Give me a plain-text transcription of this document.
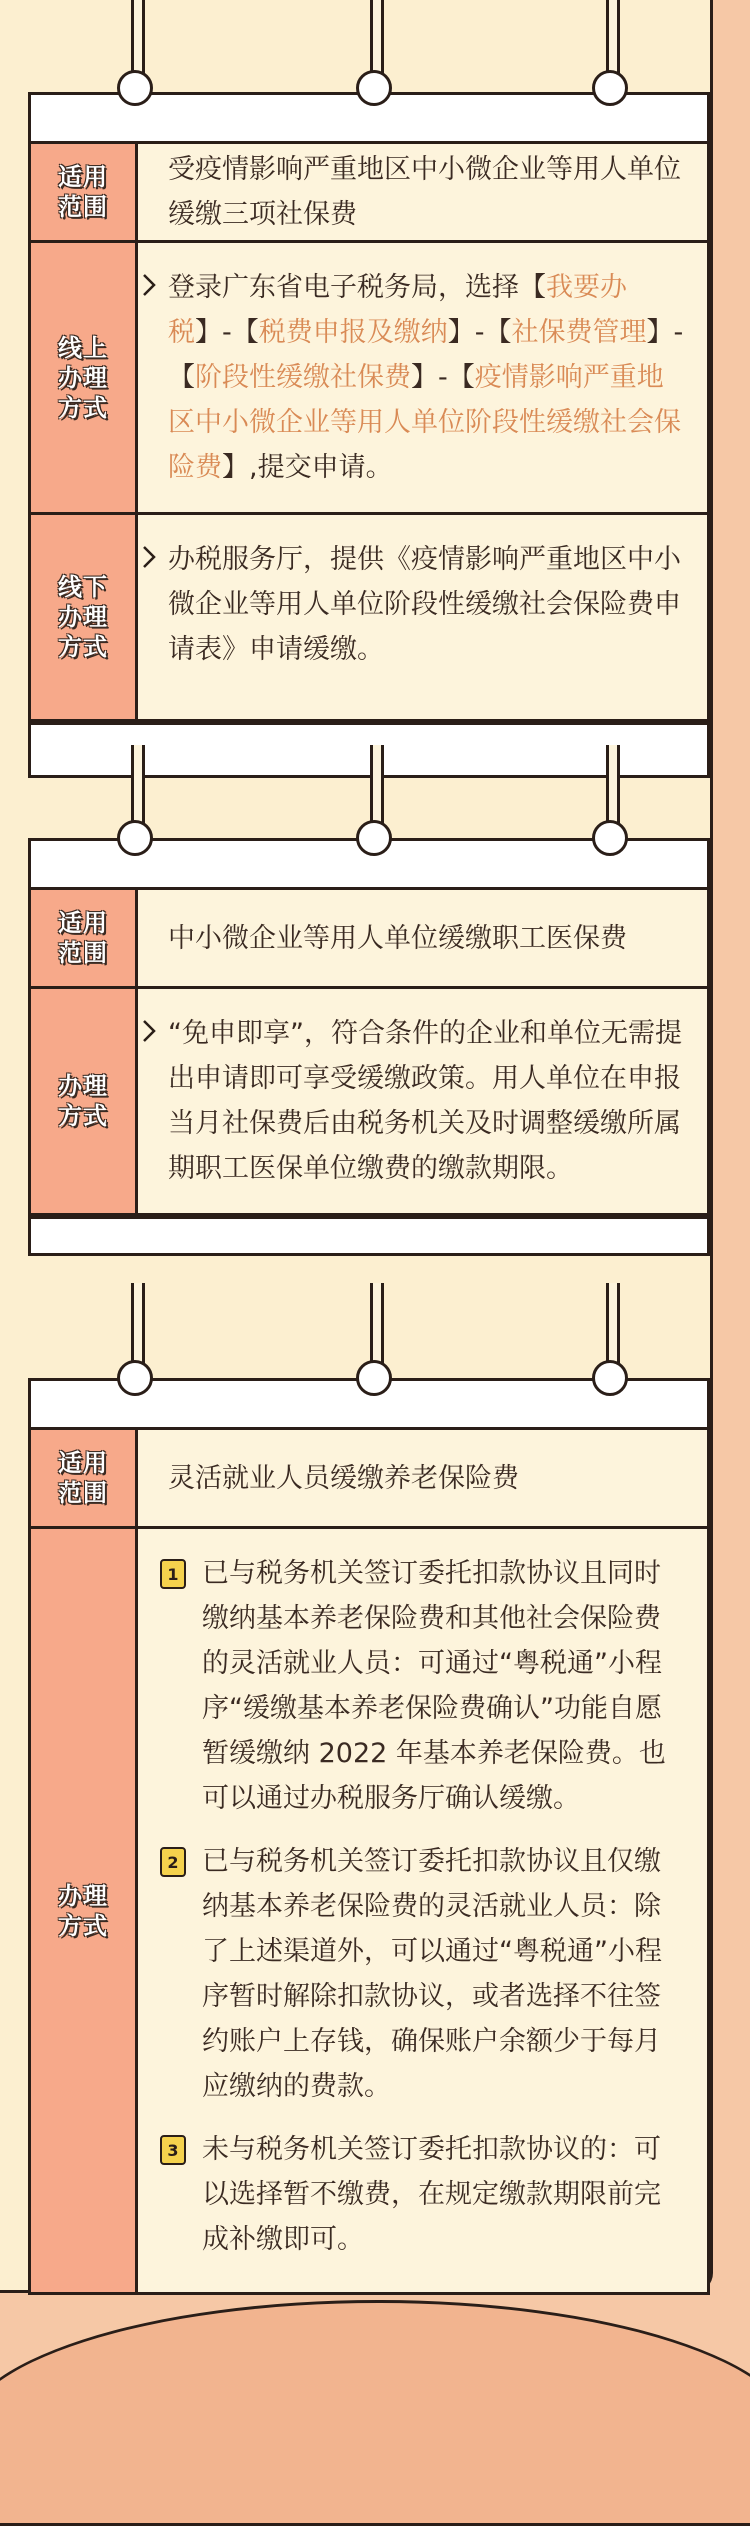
适用
范围
受疫情影响严重地区中小微企业等用人单位缓缴三项社保费
线上
办理
方式
登录广东省电子税务局，选择【我要办税】-【税费申报及缴纳】-【社保费管理】-【阶段性缓缴社保费】-【疫情影响严重地区中小微企业等用人单位阶段性缓缴社会保险费】,提交申请。
线下
办理
方式
办税服务厅，提供《疫情影响严重地区中小微企业等用人单位阶段性缓缴社会保险费申请表》申请缓缴。
适用
范围 中小微企业等用人单位缓缴职工医保费
办理
方式
“免申即享”，符合条件的企业和单位无需提出申请即可享受缓缴政策。用人单位在申报当月社保费后由税务机关及时调整缓缴所属期职工医保单位缴费的缴款期限。
适用
范围 灵活就业人员缓缴养老保险费
办理
方式
1 已与税务机关签订委托扣款协议且同时缴纳基本养老保险费和其他社会保险费的灵活就业人员：可通过“粤税通”小程序“缓缴基本养老保险费确认”功能自愿暂缓缴纳 2022 年基本养老保险费。也可以通过办税服务厅确认缓缴。
2 已与税务机关签订委托扣款协议且仅缴纳基本养老保险费的灵活就业人员：除了上述渠道外，可以通过“粤税通”小程序暂时解除扣款协议，或者选择不往签约账户上存钱，确保账户余额少于每月应缴纳的费款。
3 未与税务机关签订委托扣款协议的：可以选择暂不缴费，在规定缴款期限前完成补缴即可。
